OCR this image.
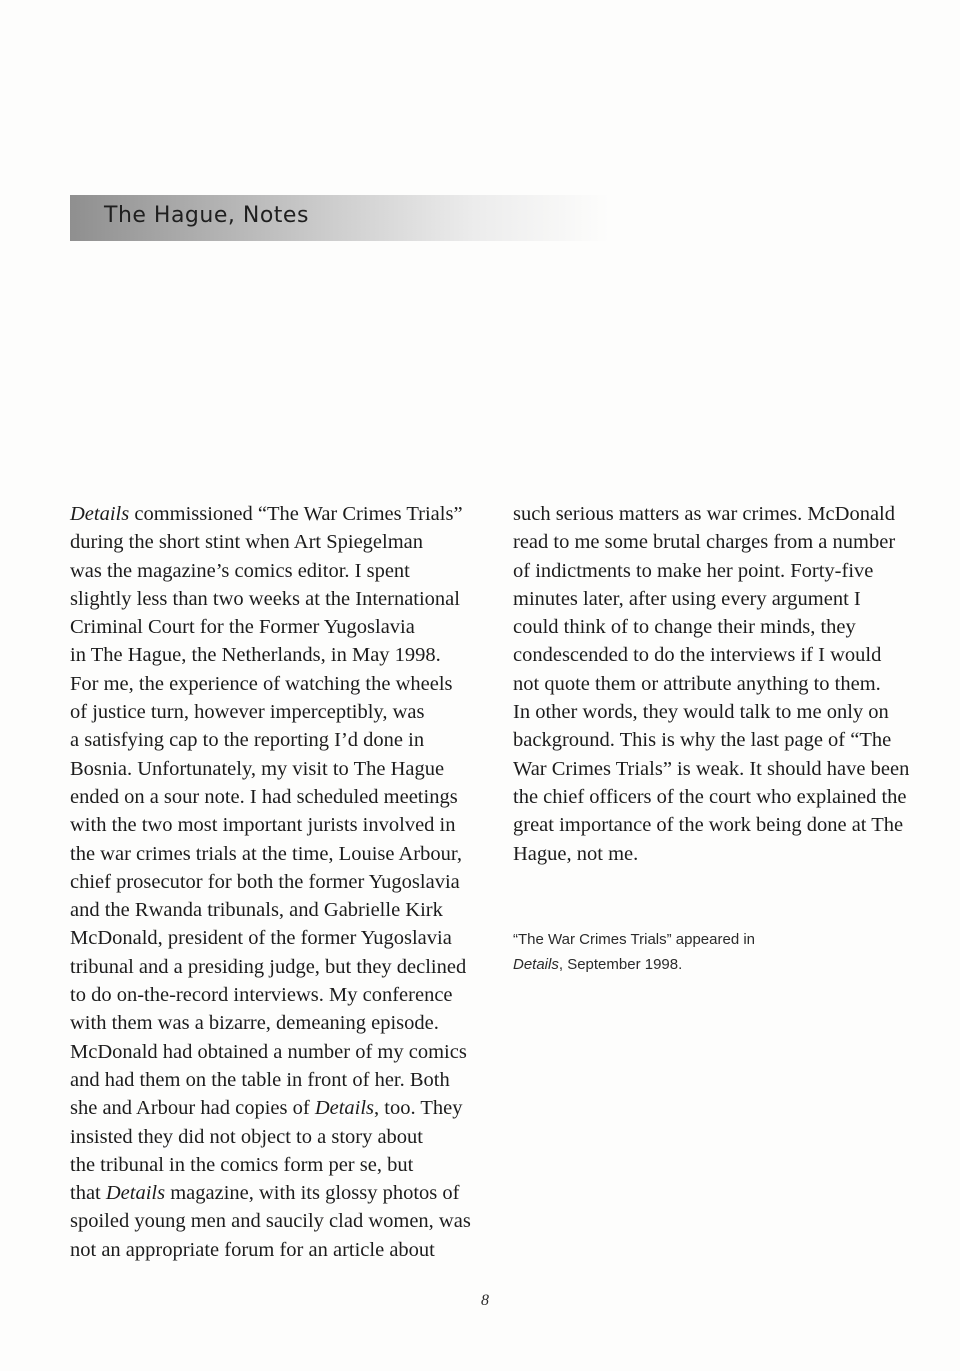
The Hague, Notes
Details commissioned “The War Crimes Trials”
during the short stint when Art Spiegelman
was the magazine’s comics editor. I spent
slightly less than two weeks at the International
Criminal Court for the Former Yugoslavia
in The Hague, the Netherlands, in May 1998.
For me, the experience of watching the wheels
of justice turn, however imperceptibly, was
a satisfying cap to the reporting I’d done in
Bosnia. Unfortunately, my visit to The Hague
ended on a sour note. I had scheduled meetings
with the two most important jurists involved in
the war crimes trials at the time, Louise Arbour,
chief prosecutor for both the former Yugoslavia
and the Rwanda tribunals, and Gabrielle Kirk
McDonald, president of the former Yugoslavia
tribunal and a presiding judge, but they declined
to do on-the-record interviews. My conference
with them was a bizarre, demeaning episode.
McDonald had obtained a number of my comics
and had them on the table in front of her. Both
she and Arbour had copies of Details, too. They
insisted they did not object to a story about
the tribunal in the comics form per se, but
that Details magazine, with its glossy photos of
spoiled young men and saucily clad women, was
not an appropriate forum for an article about
such serious matters as war crimes. McDonald
read to me some brutal charges from a number
of indictments to make her point. Forty-five
minutes later, after using every argument I
could think of to change their minds, they
condescended to do the interviews if I would
not quote them or attribute anything to them.
In other words, they would talk to me only on
background. This is why the last page of “The
War Crimes Trials” is weak. It should have been
the chief officers of the court who explained the
great importance of the work being done at The
Hague, not me.
“The War Crimes Trials” appeared in
Details, September 1998.
8
